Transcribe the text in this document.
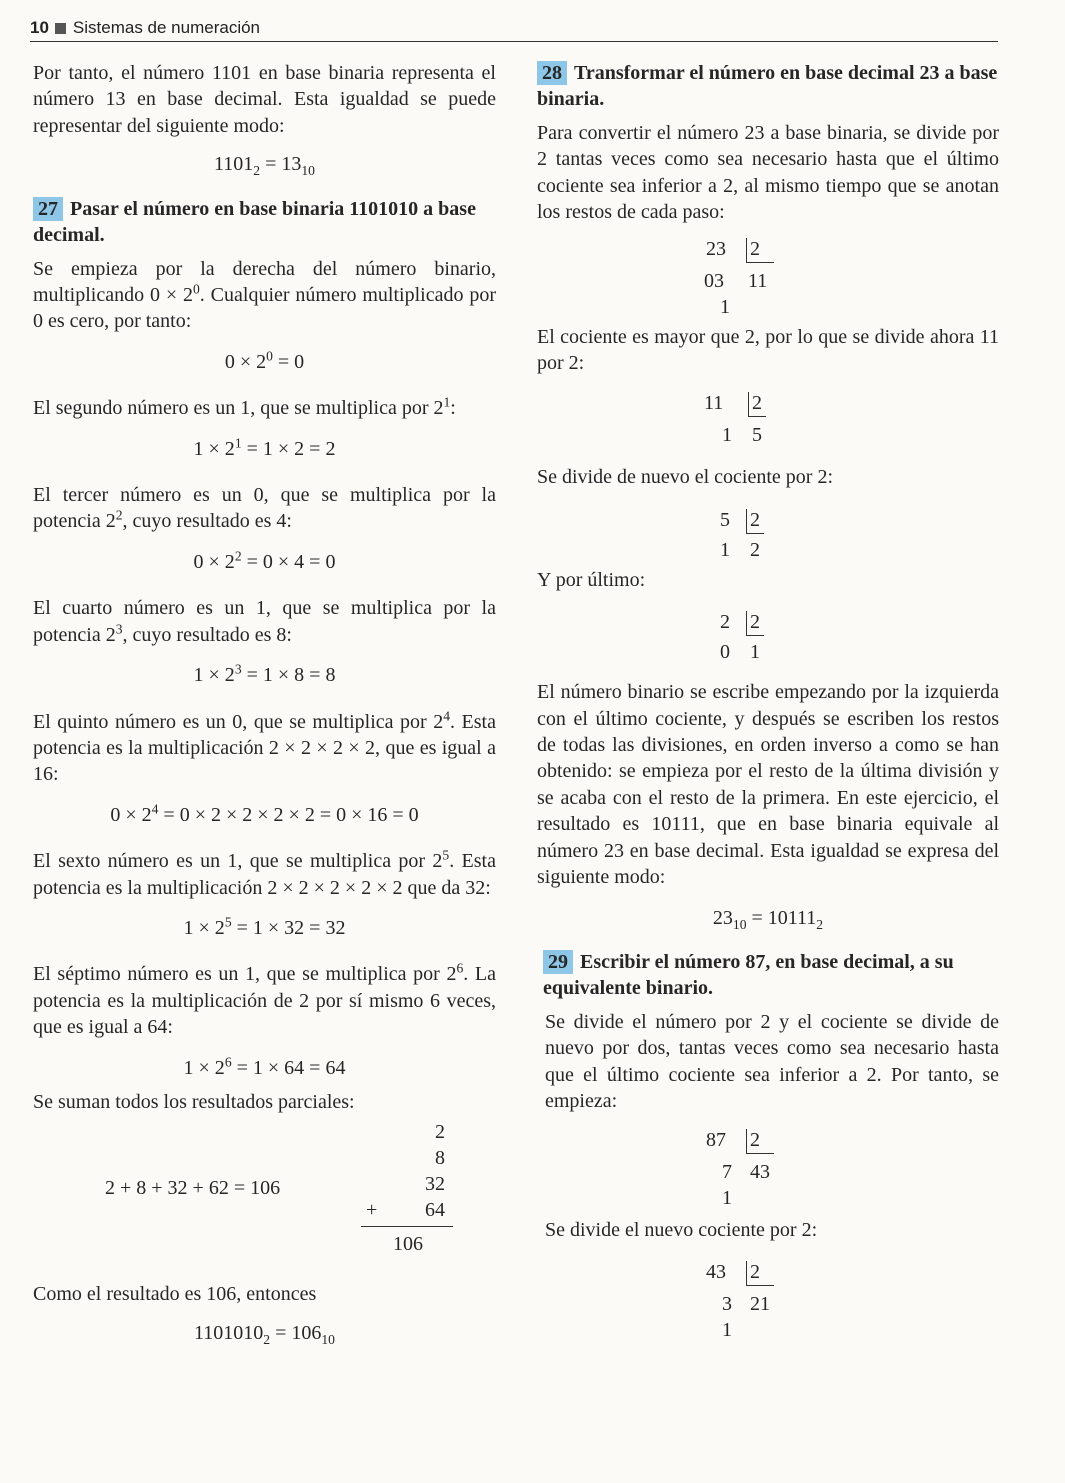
10 Sistemas de numeración

Por tanto, el número 1101 en base binaria representa el número 13 en base decimal. Esta igualdad se puede representar del siguiente modo:

$1101_2 = 13_{10}$

27 Pasar el número en base binaria 1101010 a base decimal.

Se empieza por la derecha del número binario, multiplicando $0 \times 2^0$. Cualquier número multiplicado por 0 es cero, por tanto:

$0 \times 2^0 = 0$

El segundo número es un 1, que se multiplica por $2^1$:

$1 \times 2^1 = 1 \times 2 = 2$

El tercer número es un 0, que se multiplica por la potencia $2^2$, cuyo resultado es 4:

$0 \times 2^2 = 0 \times 4 = 0$

El cuarto número es un 1, que se multiplica por la potencia $2^3$, cuyo resultado es 8:

$1 \times 2^3 = 1 \times 8 = 8$

El quinto número es un 0, que se multiplica por $2^4$. Esta potencia es la multiplicación 2 × 2 × 2 × 2, que es igual a 16:

$0 \times 2^4 = 0 \times 2 \times 2 \times 2 \times 2 = 0 \times 16 = 0$

El sexto número es un 1, que se multiplica por $2^5$. Esta potencia es la multiplicación 2 × 2 × 2 × 2 × 2 que da 32:

$1 \times 2^5 = 1 \times 32 = 32$

El séptimo número es un 1, que se multiplica por $2^6$. La potencia es la multiplicación de 2 por sí mismo 6 veces, que es igual a 64:

$1 \times 2^6 = 1 \times 64 = 64$

Se suman todos los resultados parciales:

2 + 8 + 32 + 62 = 106
2
8
32
+	64
106

Como el resultado es 106, entonces

$1101010_2 = 106_{10}$

28 Transformar el número en base decimal 23 a base binaria.

Para convertir el número 23 a base binaria, se divide por 2 tantas veces como sea necesario hasta que el último cociente sea inferior a 2, al mismo tiempo que se anotan los restos de cada paso:

23 2
03 11
1

El cociente es mayor que 2, por lo que se divide ahora 11 por 2:

11 2
1 5

Se divide de nuevo el cociente por 2:

5 2
1 2

Y por último:

2 2
0 1

El número binario se escribe empezando por la izquierda con el último cociente, y después se escriben los restos de todas las divisiones, en orden inverso a como se han obtenido: se empieza por el resto de la última división y se acaba con el resto de la primera. En este ejercicio, el resultado es 10111, que en base binaria equivale al número 23 en base decimal. Esta igualdad se expresa del siguiente modo:

$23_{10} = 10111_2$

29 Escribir el número 87, en base decimal, a su equivalente binario.

Se divide el número por 2 y el cociente se divide de nuevo por dos, tantas veces como sea necesario hasta que el último cociente sea inferior a 2. Por tanto, se empieza:

87 2
7 43
1

Se divide el nuevo cociente por 2:

43 2
3 21
1
